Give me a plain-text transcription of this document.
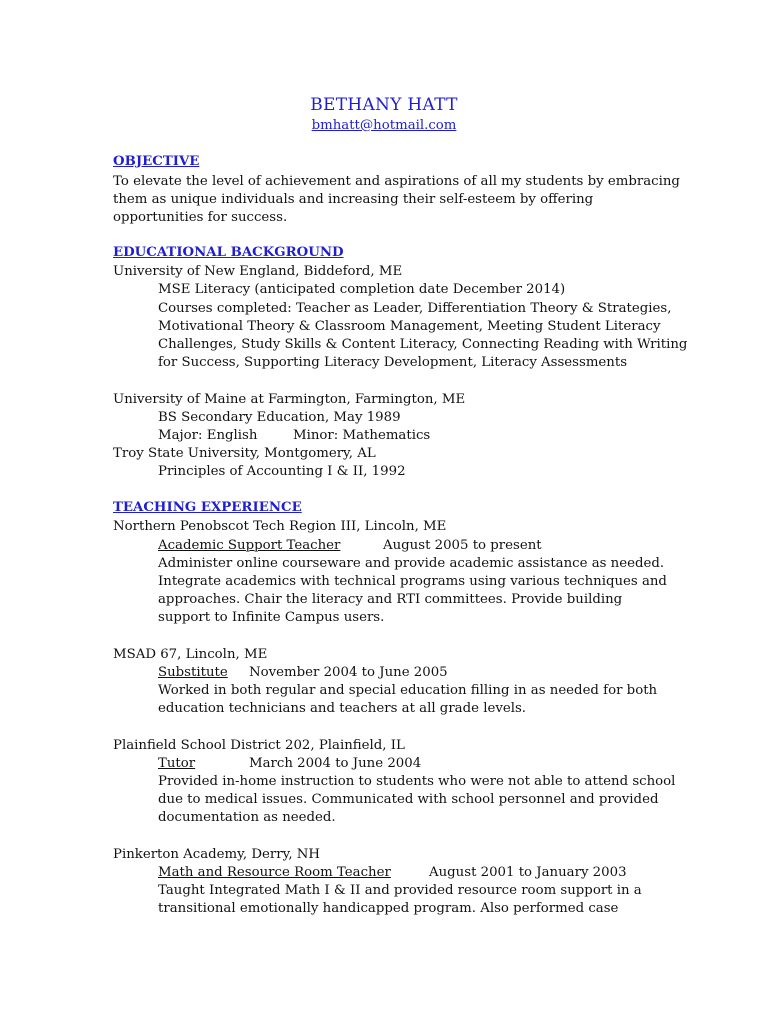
BETHANY HATT
bmhatt@hotmail.com
OBJECTIVE
To elevate the level of achievement and aspirations of all my students by embracing
them as unique individuals and increasing their self-esteem by offering
opportunities for success.
EDUCATIONAL BACKGROUND
University of New England, Biddeford, ME
MSE Literacy (anticipated completion date December 2014)
Courses completed: Teacher as Leader, Differentiation Theory & Strategies,
Motivational Theory & Classroom Management, Meeting Student Literacy
Challenges, Study Skills & Content Literacy, Connecting Reading with Writing
for Success, Supporting Literacy Development, Literacy Assessments
University of Maine at Farmington, Farmington, ME
BS Secondary Education, May 1989
Major: English	Minor: Mathematics
Troy State University, Montgomery, AL
Principles of Accounting I & II, 1992
TEACHING EXPERIENCE
Northern Penobscot Tech Region III, Lincoln, ME
Academic Support Teacher	August 2005 to present
Administer online courseware and provide academic assistance as needed.
Integrate academics with technical programs using various techniques and
approaches. Chair the literacy and RTI committees. Provide building
support to Infinite Campus users.
MSAD 67, Lincoln, ME
Substitute November 2004 to June 2005
Worked in both regular and special education filling in as needed for both
education technicians and teachers at all grade levels.
Plainfield School District 202, Plainfield, IL
Tutor	March 2004 to June 2004
Provided in-home instruction to students who were not able to attend school
due to medical issues. Communicated with school personnel and provided
documentation as needed.
Pinkerton Academy, Derry, NH
Math and Resource Room Teacher	August 2001 to January 2003
Taught Integrated Math I & II and provided resource room support in a
transitional emotionally handicapped program. Also performed case
